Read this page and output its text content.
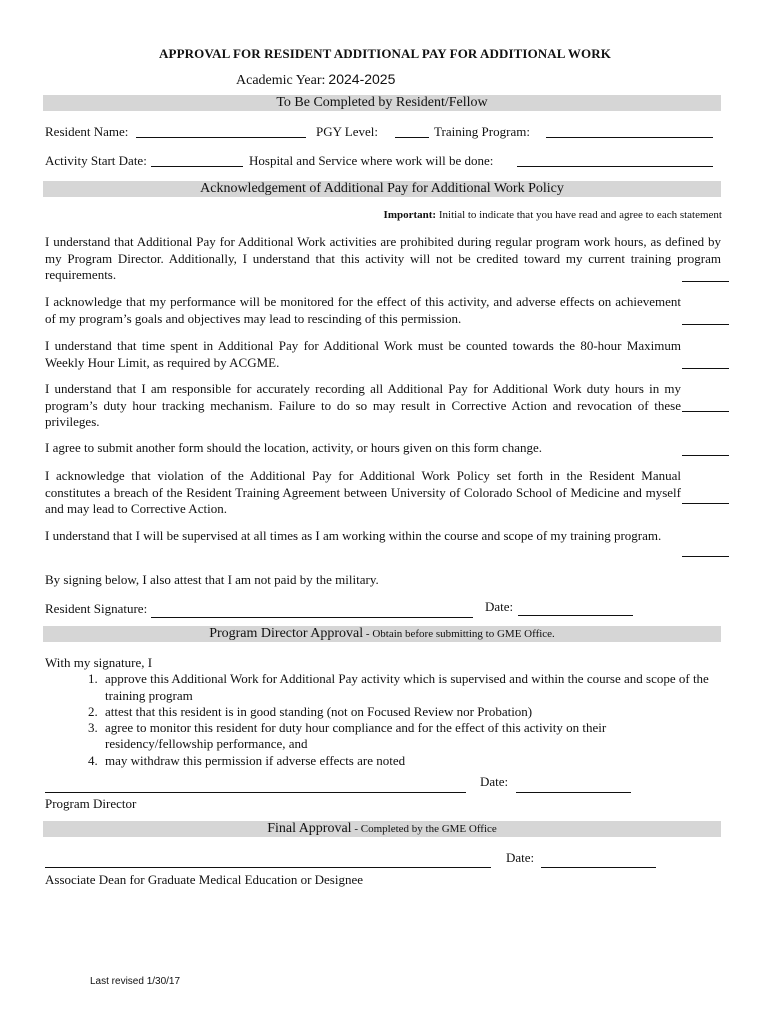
APPROVAL FOR RESIDENT ADDITIONAL PAY FOR ADDITIONAL WORK
Academic Year: 2024-2025
To Be Completed by Resident/Fellow
Resident Name:	PGY Level:	Training Program:
Activity Start Date:	Hospital and Service where work will be done:
Acknowledgement of Additional Pay for Additional Work Policy
Important: Initial to indicate that you have read and agree to each statement
I understand that Additional Pay for Additional Work activities are prohibited during regular program work hours, as defined by my Program Director. Additionally, I understand that this activity will not be credited toward my current training program requirements.
I acknowledge that my performance will be monitored for the effect of this activity, and adverse effects on achievement of my program’s goals and objectives may lead to rescinding of this permission.
I understand that time spent in Additional Pay for Additional Work must be counted towards the 80-hour Maximum Weekly Hour Limit, as required by ACGME.
I understand that I am responsible for accurately recording all Additional Pay for Additional Work duty hours in my program’s duty hour tracking mechanism. Failure to do so may result in Corrective Action and revocation of these privileges.
I agree to submit another form should the location, activity, or hours given on this form change.
I acknowledge that violation of the Additional Pay for Additional Work Policy set forth in the Resident Manual constitutes a breach of the Resident Training Agreement between University of Colorado School of Medicine and myself and may lead to Corrective Action.
I understand that I will be supervised at all times as I am working within the course and scope of my training program.
By signing below, I also attest that I am not paid by the military.
Resident Signature:	Date:
Program Director Approval - Obtain before submitting to GME Office.
With my signature, I
1. approve this Additional Work for Additional Pay activity which is supervised and within the course and scope of the training program
2. attest that this resident is in good standing (not on Focused Review nor Probation)
3. agree to monitor this resident for duty hour compliance and for the effect of this activity on their residency/fellowship performance, and
4. may withdraw this permission if adverse effects are noted
Date:
Program Director
Final Approval - Completed by the GME Office
Date:
Associate Dean for Graduate Medical Education or Designee
Last revised 1/30/17
